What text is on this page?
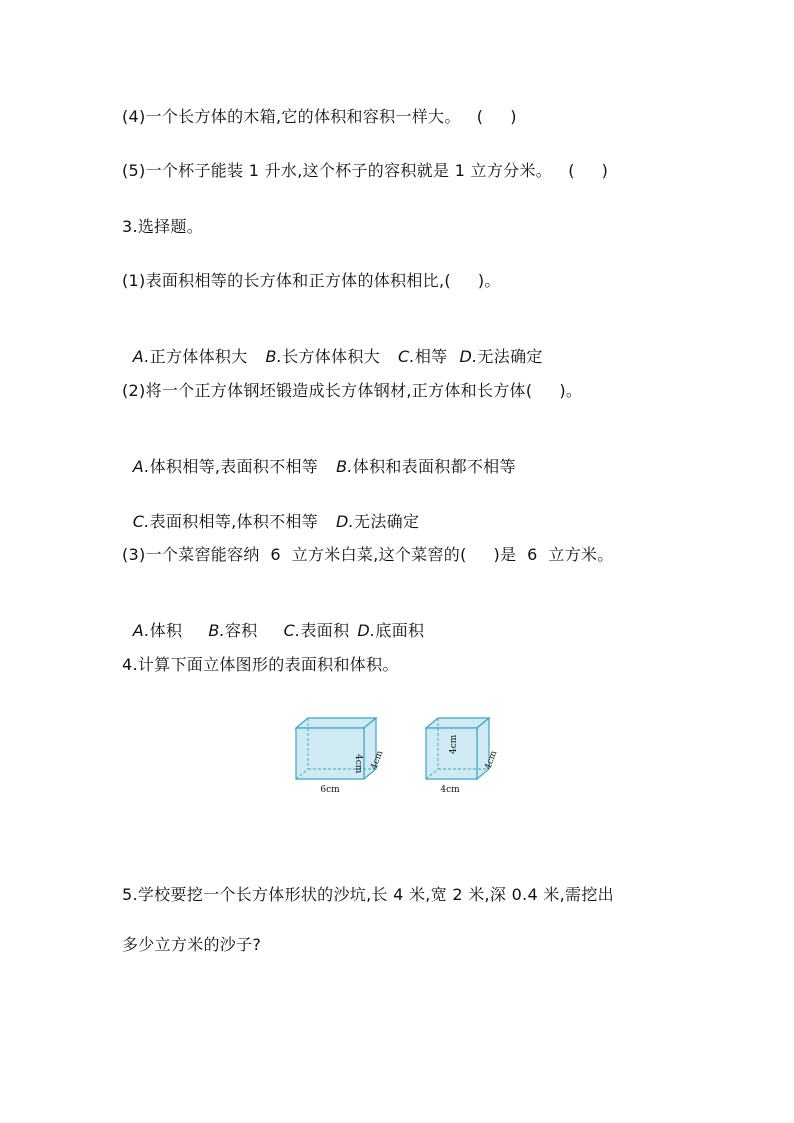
(4)一个长方体的木箱,它的体积和容积一样大。   (     )
(5)一个杯子能装 1 升水,这个杯子的容积就是 1 立方分米。   (     )
3.选择题。
(1)表面积相等的长方体和正方体的体积相比,(     )。

A.正方体体积大 B.长方体体积大 C.相等 D.无法确定

(2)将一个正方体钢坯锻造成长方体钢材,正方体和长方体(     )。

A.体积相等,表面积不相等 B.体积和表面积都不相等

C.表面积相等,体积不相等 D.无法确定

(3)一个菜窖能容纳  6  立方米白菜,这个菜窖的(     )是  6  立方米。

A.体积 B.容积 C.表面积 D.底面积

4.计算下面立体图形的表面积和体积。
6cm
4cm 4cm
4cm
4cm
4cm
5.学校要挖一个长方体形状的沙坑,长 4 米,宽 2 米,深 0.4 米,需挖出
多少立方米的沙子?
